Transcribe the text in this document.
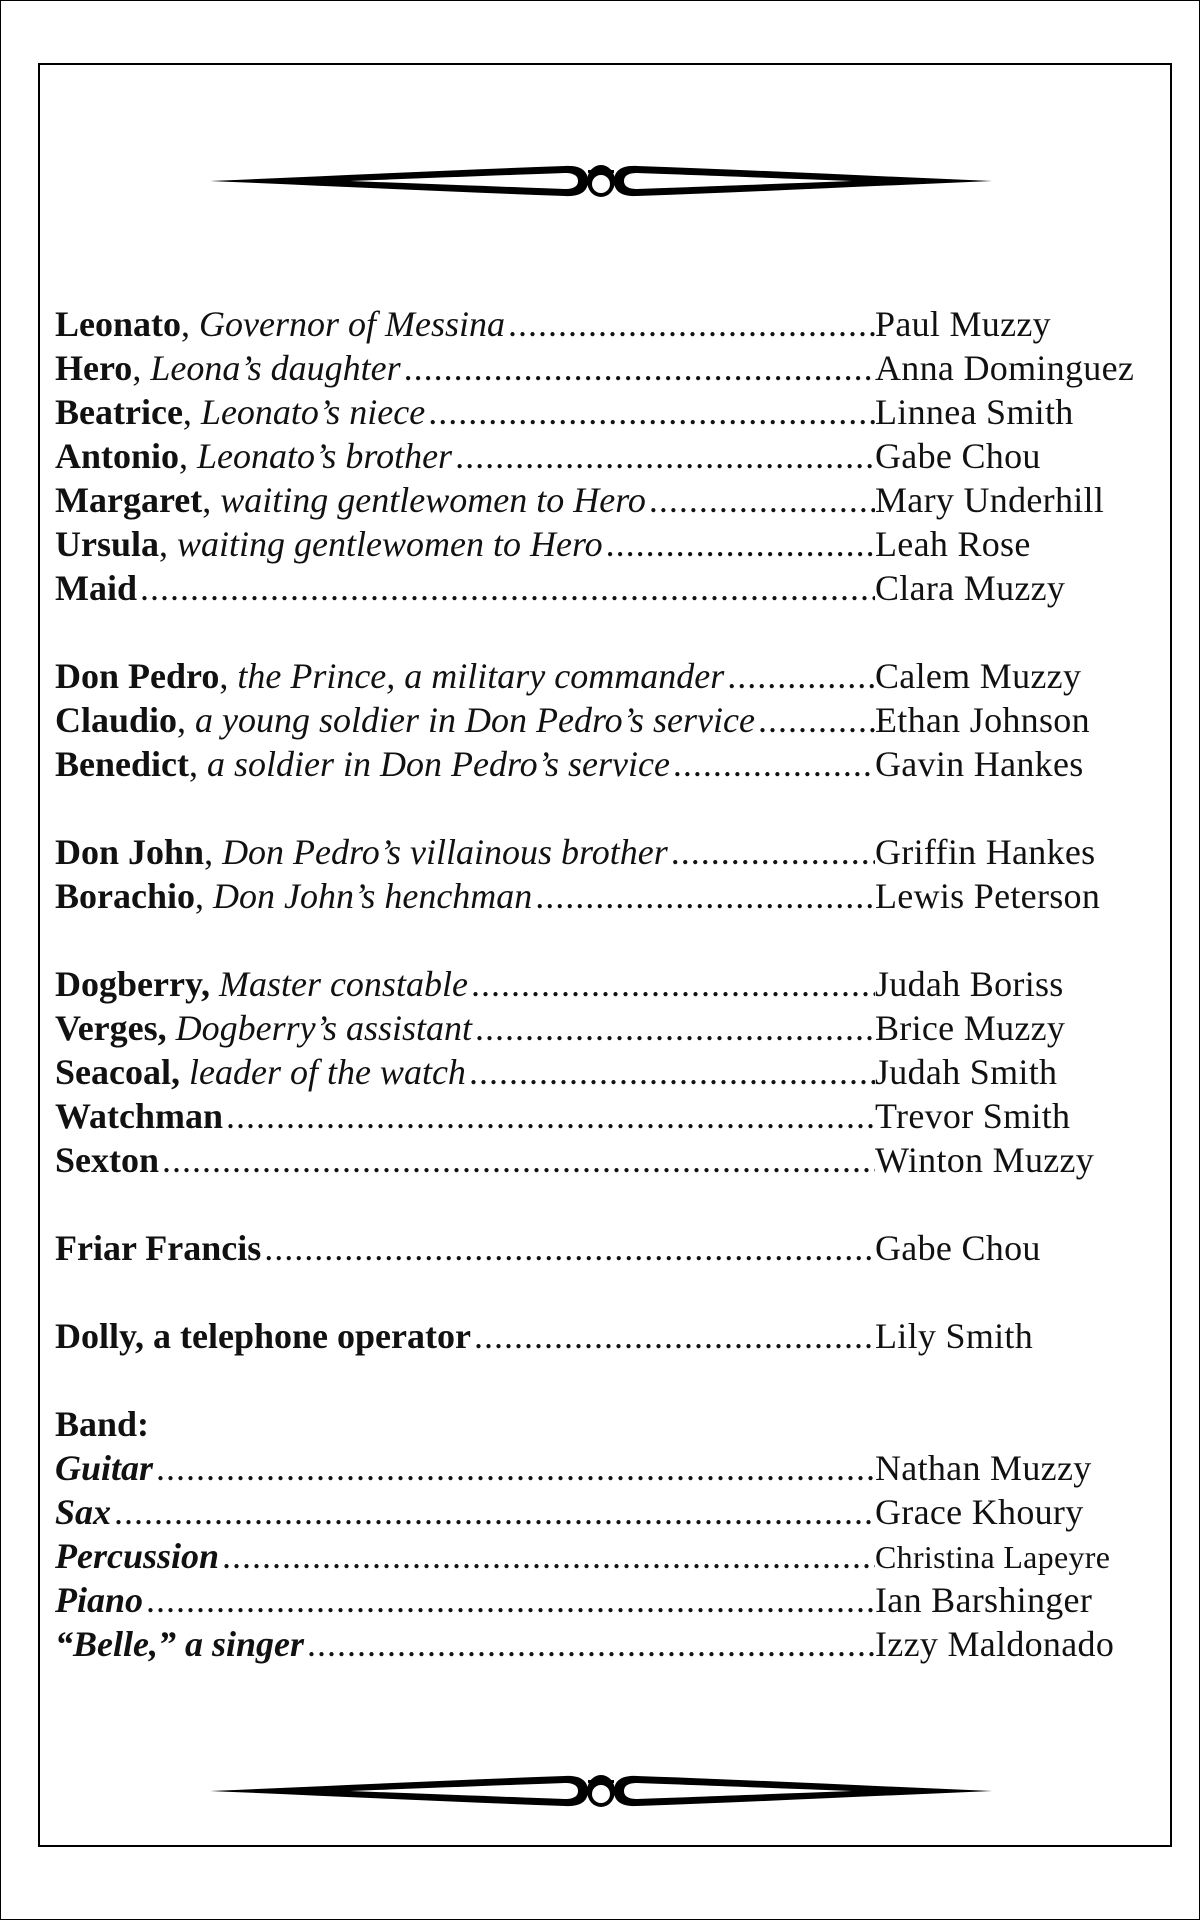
Leonato, Governor of Messina .....	Paul Muzzy
Hero, Leona’s daughter .....	Anna Dominguez
Beatrice, Leonato’s niece .....	Linnea Smith
Antonio, Leonato’s brother .....	Gabe Chou
Margaret, waiting gentlewomen to Hero .....	Mary Underhill
Ursula, waiting gentlewomen to Hero .....	Leah Rose
Maid .....	Clara Muzzy
Don Pedro, the Prince, a military commander .....	Calem Muzzy
Claudio, a young soldier in Don Pedro’s service .....	Ethan Johnson
Benedict, a soldier in Don Pedro’s service .....	Gavin Hankes
Don John, Don Pedro’s villainous brother .....	Griffin Hankes
Borachio, Don John’s henchman .....	Lewis Peterson
Dogberry, Master constable .....	Judah Boriss
Verges, Dogberry’s assistant .....	Brice Muzzy
Seacoal, leader of the watch .....	Judah Smith
Watchman .....	Trevor Smith
Sexton .....	Winton Muzzy
Friar Francis .....	Gabe Chou
Dolly, a telephone operator .....	Lily Smith
Band:
Guitar .....	Nathan Muzzy
Sax .....	Grace Khoury
Percussion .....	Christina Lapeyre
Piano .....	Ian Barshinger
“Belle,” a singer .....	Izzy Maldonado
